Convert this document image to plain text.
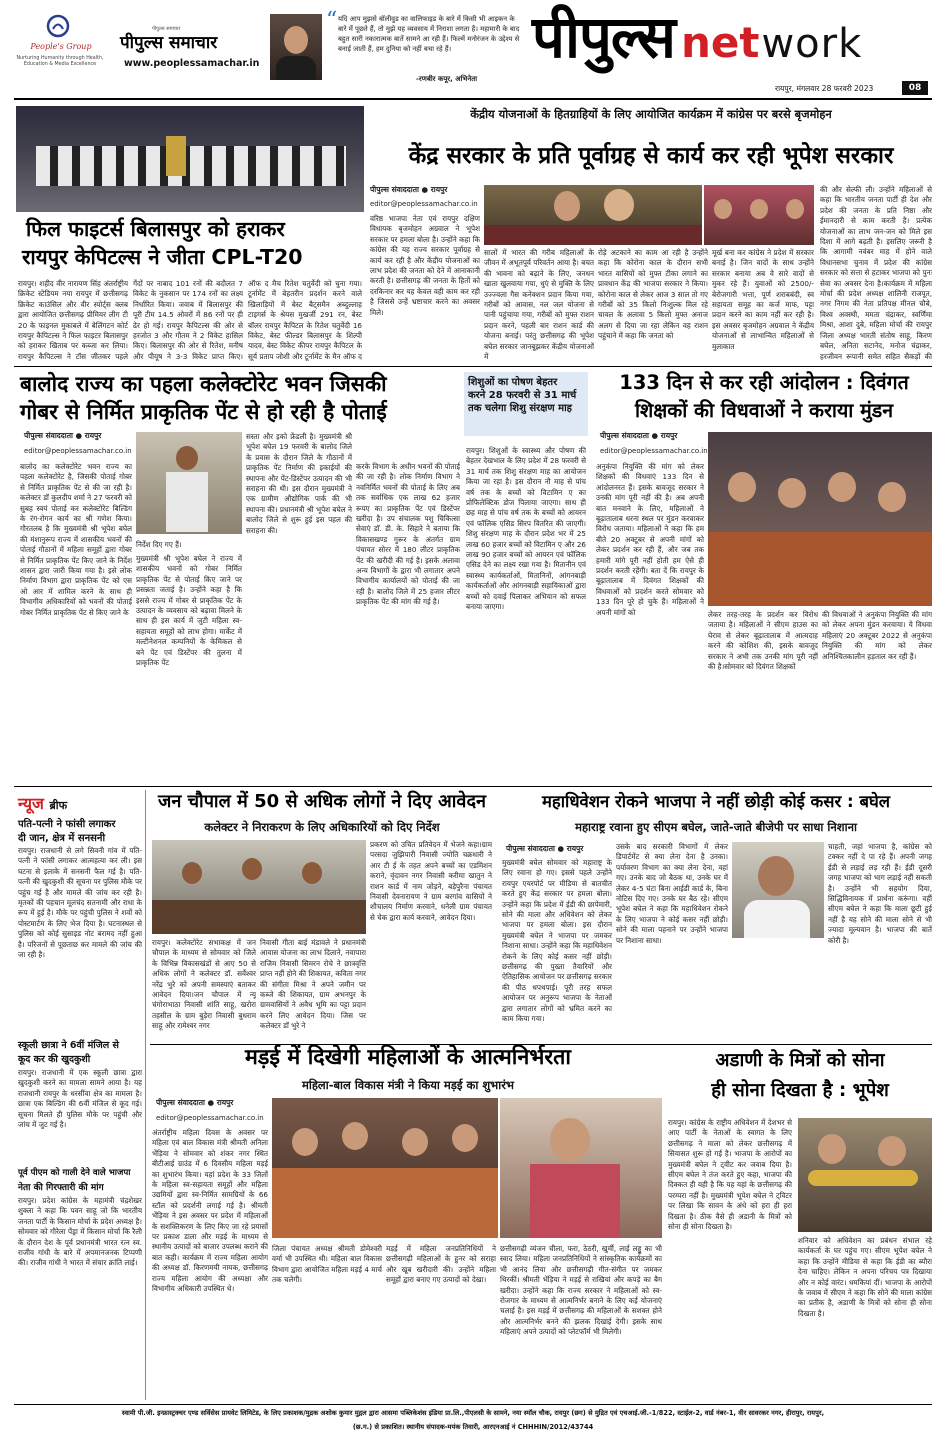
People's Group
Nurturing Humanity through Health, Education & Media Excellence
पीपुल्स समाचार
पीपुल्स समाचार
www.peoplessamachar.in
“ यदि आप मुझसे बॉलीवुड का वालिफाइड के बारे में किसी भी आइकन के बारे में पूछते हैं, तो मुझे यह व्यवसाय में निराशा लगता है। महामारी के बाद बहुत सारी नकारात्मक बातें सामने आ रही हैं। फिल्में मनोरंजन के उद्देश्य से बनाई जाती हैं, हम दुनिया को नहीं बचा रहे हैं।
-रणबीर कपूर, अभिनेता
पीपुल्स network
रायपुर, मंगलवार 28 फरवरी 2023	08
फिल फाइटर्स बिलासपुर को हराकर
रायपुर केपिटल्स ने जीता CPL-T20
रायपुर। शहीद वीर नारायण सिंह अंतर्राष्ट्रीय क्रिकेट स्टेडियम नया रायपुर में छत्तीसगढ़ क्रिकेट काउंसिल और वीर स्पोर्ट्स क्लब द्वारा आयोजित छत्तीसगढ़ प्रीमियर लीग टी 20 के फाइनल मुकाबले में बेलिंगटन कोर्ट रायपुर कैपिटल्स ने फिल फाइटर बिलासपुर को हराकर खिताब पर कब्जा कर लिया।रायपुर कैपिटल्स ने टॉस जीतकर पहले
गेंदों पर नाबाद 101 रनों की बदौलत 7 विकेट के नुकसान पर 174 रनों का लक्ष्य निर्धारित किया। जवाब में बिलासपुर की पूरी टीम 14.5 ओवरों में 86 रनों पर ही ढेर हो गई। रायपुर कैपिटल्स की ओर से हरजोत 3 और गौतम ने 2 विकेट हासिल किए। बिलासपुर की ओर से रितेश, मनीष और पीयूष ने 3-3 विकेट प्राप्त किए।
ऑफ द मैच रितेश चतुर्वेदी को चुना गया। टूर्नामेंट में बेहतरीन प्रदर्शन करने वाले खिलाड़ियों में बेस्ट बैट्समैन अब्दुल्लाह टाइगर्स के श्रेयस मुखर्जी 291 रन, बेस्ट बॉलर रायपुर कैपिटल के रितेश चतुर्वेदी 16 विकेट, बेस्ट फील्डर बिलासपुर के शिल्पी यादव, बेस्ट विकेट कीपर रायपुर कैपिटल के सूर्य प्रताप जोशी और टूर्नामेंट के मैन ऑफ द
केंद्रीय योजनाओं के हितग्राहियों के लिए आयोजित कार्यक्रम में कांग्रेस पर बरसे बृजमोहन
केंद्र सरकार के प्रति पूर्वाग्रह से कार्य कर रही भूपेश सरकार
पीपुल्स संवाददाता ● रायपुर
editor@peoplessamachar.co.in
वरिष्ठ भाजपा नेता एवं रायपुर दक्षिण विधायक बृजमोहन अग्रवाल ने भूपेश सरकार पर हमला बोला है। उन्होंने कहा कि कांग्रेस की यह राज्य सरकार पूर्वाग्रह से कार्य कर रही है और केंद्रीय योजनाओं का लाभ प्रदेश की जनता को देने में आनाकानी करती है। छत्तीसगढ़ की जनता के हितों को दरकिनार कर यह केवल वही काम कर रही है जिससे उन्हें भ्रष्टाचार करने का अवसर मिले।
सालों में भारत की गरीब महिलाओं के जीवन में अभूतपूर्व परिवर्तन आया है। बचत की भावना को बढ़ाने के लिए, जनधन खाता खुलवाया गया, धुएं से मुक्ति के लिए उज्ज्वला गैस कनेक्शन प्रदान किया गया, गरीबों को आवास, नल जल योजना से पानी पहुंचाया गया, गरीबों को मुफ्त राशन प्रदान करने, पहली बार राशन कार्ड की योजना बनाई। परंतु छत्तीसगढ़ की भूपेश बघेल सरकार जानबूझकर केंद्रीय योजनाओं में
रोड़े अटकाने का काम आ रही है उन्होंने कहा कि कोरोना काल के दौरान सभी भारत वासियों को मुफ्त टीका लगाने का प्रावधान केंद्र की भाजपा सरकार ने किया। कोरोना काल से लेकर आज 3 साल तो गए गरीबों को 35 किलो निःशुल्क मिल रहे चावल के अलावा 5 किलो मुफ्त अनाज अलग से दिया जा रहा लेकिन वह राशन पहुंचाने में कहा कि जनता को
मूर्ख बना कर कांग्रेस ने प्रदेश में सरकार बनाई है। जिन वादों के साथ उन्होंने सरकार बनाया अब वे सारे वादों से मुकर रहे हैं। युवाओं को 2500/- बेरोजगारी भत्ता, पूर्ण शराबबंदी, स्व सहायता समूह का कर्ज माफ, पट्टा प्रदान करने का काम नहीं कर रही है। इस अवसर बृजमोहन अग्रवाल ने केंद्रीय योजनाओं से लाभान्वित महिलाओं से मुलाकात
की और सेल्फी ली। उन्होंने महिलाओं से कहा कि भारतीय जनता पार्टी ही देश और प्रदेश की जनता के प्रति निष्ठा और ईमानदारी से काम करती है। प्रत्येक योजनाओं का लाभ जन-जन को मिले इस दिशा में आगे बढ़ती है। इसलिए जरूरी है कि आगामी नवंबर माह में होने वाले विधानसभा चुनाव में प्रदेश की कांग्रेस सरकार को सत्ता से हटाकर भाजपा को पुनः सेवा का अवसर देना है।कार्यक्रम में महिला मोर्चा की प्रदेश अध्यक्ष शालिनी राजपूत, नगर निगम की नेता प्रतिपक्ष मीनल चौबे, विश्व अवस्थी, ममता चंद्राकर, स्वर्णिमा मिश्रा, आशा दुबे, महिला मोर्चा की रायपुर जिला अध्यक्ष भारती संतोष साहू, किरण बघेल, अनिता सटानेद, मनोज चंद्राकर, हरजीवन रूपानी समेत सहित सैकड़ों की
बालोद राज्य का पहला कलेक्टोरेट भवन जिसकी
गोबर से निर्मित प्राकृतिक पेंट से हो रही है पोताई
पीपुल्स संवाददाता ● रायपुर
editor@peoplessamachar.co.in
बालोद का कलेक्टोरेट भवन राज्य का पहला कलेक्टोरेट है, जिसकी पोताई गोबर से निर्मित प्राकृतिक पेंट से की जा रही है। कलेक्टर डॉ कुलदीप शर्मा ने 27 फरवरी को सुबह स्वयं पोताई कर कलेक्टोरेट बिल्डिंग के रंग-रोगन कार्य का श्री गणेश किया। गौरतलब है कि मुख्यमंत्री श्री भूपेश बघेल की मंशानुरूप राज्य में शासकीय भवनों की पोताई गौठानों में महिला समूहों द्वारा गोबर से निर्मित प्राकृतिक पेंट किए जाने के निर्देश शासन द्वारा जारी किया गया है। इसे लोक निर्माण विभाग द्वारा प्राकृतिक पेंट को एस ओ आर में शामिल करने के साथ ही विभागीय अधिकारियों को भवनों की पोताई गोबर निर्मित प्राकृतिक पेंट से किए जाने के
निर्देश दिए गए हैं।
मुख्यमंत्री श्री भूपेश बघेल ने राज्य में शासकीय भवनों को गोबर निर्मित प्राकृतिक पेंट से पोताई किए जाने पर प्रसन्नता जताई है। उन्होंने कहा है कि इससे राज्य में गोबर से प्राकृतिक पेंट के उत्पादन के व्यवसाय को बढ़ावा मिलने के साथ ही इस कार्य में जुटी महिला स्व-सहायता समूहों को लाभ होगा। मार्केट में मल्टीनेशनल कम्पनियों के केमिकल से बने पेंट एवं डिस्टेंपर की तुलना में प्राकृतिक पेंट
सस्ता और इको फ्रेंडली है। मुख्यमंत्री श्री भूपेश बघेल 19 फरवरी के बालोद जिले के प्रवास के दौरान जिले के गौठानों में प्राकृतिक पेंट निर्माण की इकाईयों की स्थापना और पेंट-डिस्टेंपर उत्पादन की भी सराहना की थी। इस दौरान मुख्यमंत्री ने एक ग्रामीण औद्योगिक पार्क की भी स्थापना की। प्रधानमंत्री श्री भूपेश बघेल ने बालोद जिले से शुरू हुई इस पहल की सराहना की।
करके विभाग के अधीन भवनों की पोताई की जा रही है। लोक निर्माण विभाग ने नवनिर्मित भवनों की पोताई के लिए अब तक सर्वाधिक एक लाख 62 हजार रूपए का प्राकृतिक पेंट एवं डिस्टेंपर खरीदा है। उप संचालक पशु चिकित्सा सेवाएं डॉ. डी. के. सिहारे ने बताया कि विकासखण्ड गुरूर के अंतर्गत ग्राम पंचायत सोरर में 180 लीटर प्राकृतिक पेंट की खरीदी की गई है। इसके अलावा अन्य विभागों के द्वारा भी लगातार अपने विभागीय कार्यालयों को पोताई की जा रही है। बालोद जिले में 25 हजार लीटर प्राकृतिक पेंट की मांग की गई है।
शिशुओं का पोषण बेहतर
करने 28 फरवरी से 31 मार्च
तक चलेगा शिशु संरक्षण माह
रायपुर। शिशुओं के स्वास्थ्य और पोषण की बेहतर देखभाल के लिए प्रदेश में 28 फरवरी से 31 मार्च तक शिशु संरक्षण माह का आयोजन किया जा रहा है। इस दौरान नौ माह से पांच वर्ष तक के बच्चों को विटामिन ए का प्रोफिलेक्टिक डोज पिलाया जाएगा। साथ ही छह माह से पांच वर्ष तक के बच्चों को आयरन एवं फॉलिक एसिड सिरप वितरित की जाएगी। शिशु संरक्षण माह के दौरान प्रदेश भर में 25 लाख 60 हजार बच्चों को विटामिन ए और 26 लाख 90 हजार बच्चों को आयरन एवं फॉलिक एसिड देने का लक्ष्य रखा गया है। मितानीन एवं स्वास्थ्य कार्यकर्ताओं, मितानिनों, आंगनबाड़ी कार्यकर्ताओं और आंगनबाड़ी सहायिकाओं द्वारा बच्चों को दवाई पिलाकर अभियान को सफल बनाया जाएगा।
133 दिन से कर रही आंदोलन : दिवंगत
शिक्षकों की विधवाओं ने कराया मुंडन
पीपुल्स संवाददाता ● रायपुर
editor@peoplessamachar.co.in
अनुकंपा नियुक्ति की मांग को लेकर शिक्षकों की विधवाएं 133 दिन से आंदोलनरत हैं। इसके बावजूद सरकार ने उनकी मांग पूरी नहीं की है। अब अपनी बात मनवाने के लिए, महिलाओं ने बूढ़ातालाब धरना स्थल पर मुंडन करवाकर विरोध जताया। महिलाओं ने कहा कि हम बीते 20 अक्टूबर से अपनी मांगों को लेकर प्रदर्शन कर रही हैं, और जब तक हमारी मांगे पूरी नहीं होती हम ऐसे ही प्रदर्शन करती रहेंगी। बता दें कि रायपुर के बूढ़ातालाब में दिवंगत शिक्षकों की विधवाओं को प्रदर्शन करते सोमवार को 133 दिन पूरे हो चुके हैं। महिलाओं ने अपनी मांगों को	लेकर तरह-तरह के प्रदर्शन कर विरोध जताया है। महिलाओं ने सीएम हाउस का घेराव से लेकर बूढ़ातालाब में आत्मदाह करने की कोशिश की, इसके बावजूद सरकार ने अभी तक उनकी मांग पूरी नहीं की है।सोमवार को दिवंगत शिक्षकों
की विधवाओं ने अनुकंपा नियुक्ति की मांग को लेकर अपना मुंडन करवाया। ये विधवा महिलाएं 20 अक्टूबर 2022 से अनुकंपा नियुक्ति की मांग को लेकर अनिश्चितकालीन हड़ताल कर रही हैं।
न्यूज ब्रीफ
पति-पत्नी ने फांसी लगाकर
दी जान, क्षेत्र में सनसनी
रायपुर। राजधानी से लगे सिवनी गांव में पति-पत्नी ने फांसी लगाकर आत्महत्या कर ली। इस घटना से इलाके में सनसनी फैल गई है। पति-पत्नी की खुदकुशी की सूचना पर पुलिस मौके पर पहुंच गई है और मामले की जांच कर रही है। मृतकों की पहचान मूलचंद सतनामी और राधा के रूप में हुई है। मौके पर पहुंची पुलिस ने शवों को पोस्टमार्टम के लिए भेज दिया है। घटनास्थल से पुलिस को कोई सुसाइड नोट बरामद नहीं हुआ है। परिजनों से पूछताछ कर मामले की जांच की जा रही है।
स्कूली छात्रा ने 6वीं मंजिल से
कूद कर की खुदकुशी
रायपुर। राजधानी में एक स्कूली छात्रा द्वारा खुदकुशी करने का मामला सामने आया है। यह राजधानी रायपुर के धरसींवा क्षेत्र का मामला है। छात्रा एक बिल्डिंग की 6वीं मंजिल से कूद गई। सूचना मिलते ही पुलिस मौके पर पहुंची और जांच में जुट गई है।
पूर्व पीएम को गाली देने वाले भाजपा
नेता की गिरफ्तारी की मांग
रायपुर। प्रदेश कांग्रेस के महामंत्री चंद्रशेखर शुक्ला ने कहा कि पवन साहू जो कि भारतीय जनता पार्टी के किसान मोर्चा के प्रदेश अध्यक्ष है। सोमवार को गौरेला पेंड्रा में किसान मोर्चा कि रैली के दौरान देश के पूर्व प्रधानमंत्री भारत रत्न स्व. राजीव गांधी के बारे में अपमानजनक टिप्पणी की। राजीव गांधी ने भारत में संचार क्रांति लाई।
जन चौपाल में 50 से अधिक लोगों ने दिए आवेदन
कलेक्टर ने निराकरण के लिए अधिकारियों को दिए निर्देश
रायपुर। कलेक्टोरेट सभाकक्ष में जन चौपाल के माध्यम से सोमवार को जिले के विभिन्न विकासखंडों से आए 50 से अधिक लोगों ने कलेक्टर डॉ. सर्वेश्वर नरेंद्र भुरे को अपनी समस्याएं बताकर आवेदन दिया।जन चौपाल में न्यू चंगोराभाठा निवासी शांति साहू, खरोरा तहसील के ग्राम बुड़ेरा निवासी बुधराम साहू और रामेश्वर नगर
निवासी गीता बाई मंडावले ने प्रधानमंत्री आवास योजना का लाभ दिलाने, नवापारा राजिम निवासी सिमरन रोचे ने छात्रवृत्ति प्राप्त नहीं होने की शिकायत, कविता नगर की संगीता मिश्रा ने अपने जमीन पर कब्जे की शिकायत, ग्राम अभनपुर के ग्रामवासियों ने अवैध भूमि का पट्टा प्रदान करने लिए आवेदन दिया। जिस पर कलेक्टर डॉ भुरे ने
प्रकरण को उचित प्रतिवेदन में भेजने कहा।ग्राम परसदा जुझिपारी निवासी ज्योति चक्रधारी ने आर टी ई के तहत अपने बच्चों का एडमिशन कराने, वृंदावन नगर निवासी करीमा खातुन ने राशन कार्ड में नाम जोड़ने, बड़ेपुरैना पंचायत निवासी देवनारायण ने ग्राम बरगांव वासियों ने शौचालय निर्माण करवाने, धनेली ग्राम पंचायत से चेक द्वारा कार्य करवाने, आवेदन दिया।
महाधिवेशन रोकने भाजपा ने नहीं छोड़ी कोई कसर : बघेल
महाराष्ट्र रवाना हुए सीएम बघेल, जाते-जाते बीजेपी पर साधा निशाना
पीपुल्स संवाददाता ● रायपुर
मुख्यमंत्री बघेल सोमवार को महाराष्ट्र के लिए रवाना हो गए। इससे पहले उन्होंने रायपुर एयरपोर्ट पर मीडिया से बातचीत करते हुए केंद्र सरकार पर हमला बोला। उन्होंने कहा कि प्रदेश में ईडी की छापेमारी, सोने की माला और अधिवेशन को लेकर भाजपा पर हमला बोला। इस दौरान मुख्यमंत्री बघेल ने भाजपा पर जमकर निशाना साधा। उन्होंने कहा कि महाधिवेशन रोकने के लिए कोई कसर नहीं छोड़ी। छत्तीसगढ़ की पुख्ता तैयारियों और ऐतिहासिक आयोजन पर छत्तीसगढ़ सरकार की पीठ थपथपाई। पूरी तरह सफल आयोजन पर अनुरूप भाजपा के नेताओं द्वारा लगातार लोगों को भ्रमित करने का काम किया गया।
उसके बाद सरकारी विभागों में लेकर डिपार्टमेंट से क्या लेना देना है उनका। पर्यावरण विभाग का क्या लेना देना, वहां गए। उनके बाद जो बैठक था, उनके घर में लेकर 4-5 घंटा बिना आईडी कार्ड के, बिना नोटिस दिए गए। उनके घर बैठ रहे। सीएम भूपेश बघेल ने कहा कि महाधिवेशन रोकने के लिए भाजपा ने कोई कसर नहीं छोड़ी। सोने की माला पहनाने पर उन्होंने भाजपा पर निशाना साधा।
चाहती, जहां भाजपा है, कांग्रेस को टक्कर नहीं दे पा रहे हैं। अपनी जगह ईडी से लड़ाई लड़ रही हैं। ईडी दूसरी जगह भाजपा को भाग लड़ाई नहीं सकती है। उन्होंने भी सहयोग दिया, सिद्धिविनायक में प्रार्थना करूंगा। वहीं सीएम बघेल ने कहा कि माला छूटी हुई नहीं है यह सोने की माला सोने से भी ज्यादा मूल्यवान है। भाजपा की बातें कोरी है।
मड़ई में दिखेगी महिलाओं के आत्मनिर्भरता
महिला-बाल विकास मंत्री ने किया मड़ई का शुभारंभ
पीपुल्स संवाददाता ● रायपुर
editor@peoplessamachar.co.in
अंतर्राष्ट्रीय महिला दिवस के अवसर पर महिला एवं बाल विकास मंत्री श्रीमती अनिला भेंड़िया ने सोमवार को शंकर नगर स्थित बीटीआई ग्राउंड में 6 दिवसीय महिला मड़ई का शुभारंभ किया। यहां प्रदेश के 33 जिलों के महिला स्व-सहायता समूहों और महिला उद्यमियों द्वारा स्व-निर्मित सामग्रियों के 66 स्टॉल को प्रदर्शनी लगाई गई है। श्रीमती भेंड़िया ने इस अवसर पर प्रदेश में महिलाओं के सशक्तिकरण के लिए किए जा रहे प्रयासों पर प्रकाश डाला और मड़ई के माध्यम से स्थानीय उत्पादों को बाजार उपलब्ध कराने की बात कही। कार्यक्रम में राज्य महिला आयोग की अध्यक्ष डॉ. किरणमयी नायक, छत्तीसगढ़ राज्य महिला आयोग की अध्यक्षा और विभागीय अधिकारी उपस्थित थे।
जिला पंचायत अध्यक्ष श्रीमती डोमेश्वरी वर्मा भी उपस्थित थी। महिला बाल विकास विभाग द्वारा आयोजित महिला मड़ई 4 मार्च तक चलेगी।
मड़ई में महिला जनप्रतिनिधियों ने छत्तीसगढ़ी महिलाओं के हुनर को सराहा और खूब खरीदारी की। उन्होंने महिला समूहों द्वारा बनाए गए उत्पादों को देखा।
छत्तीसगढ़ी व्यंजन चीला, फरा, ठेठरी, खुर्मी, लाई लड्डू का भी स्वाद लिया। महिला जनप्रतिनिधियों ने सांस्कृतिक कार्यक्रमों का भी आनंद लिया और छत्तीसगढ़ी गीत-संगीत पर जमकर थिरकीं। श्रीमती भेंड़िया ने मड़ई से राखियां और कपड़े का बैग खरीदा। उन्होंने कहा कि राज्य सरकार ने महिलाओं को स्व-रोजगार के माध्यम से आत्मनिर्भर बनाने के लिए कई योजनाएं चलाई है। इस मड़ई में छत्तीसगढ़ की महिलाओं के सशक्त होने और आत्मनिर्भर बनने की झलक दिखाई देगी। इसके साथ महिलाएं अपने उत्पादों को प्लेटफॉर्म भी मिलेगी।
अडाणी के मित्रों को सोना
ही सोना दिखता है : भूपेश
रायपुर। कांग्रेस के राष्ट्रीय अधिवेशन में देशभर से आए पार्टी के नेताओं के स्वागत के लिए छत्तीसगढ़ ने माला को लेकर छत्तीसगढ़ में सियासत शुरू हो गई है। भाजपा के आरोपों का मुख्यमंत्री बघेल ने ट्वीट कर जवाब दिया है। सीएम बघेल ने तंज करते हुए कहा, भाजपा की दिक्कत ही यही है कि यह यहां के छत्तीसगढ़ की परम्परा नहीं है। मुख्यमंत्री भूपेश बघेल ने ट्विटर पर लिखा कि सावन के अंधे को हरा ही हरा दिखता है। ठीक वैसे ही अडानी के मित्रों को सोना ही सोना दिखता है।
शनिवार को अधिवेशन का प्रबंधन संभाल रहे कार्यकर्ता के घर पहुंच गए। सीएम भूपेश बघेल ने कहा कि उन्होंने मीडिया से कहा कि ईडी का ब्यौरा देना चाहिए। लेकिन न अपना परिचय पत्र दिखाया और न कोई वारंट। धमकियां दीं। भाजपा के आरोपों के जवाब में सीएम ने कहा कि सोने की माला कांग्रेस का प्रतीक है, अडाणी के मित्रों को सोना ही सोना दिखता है।
स्वामी पी.जी. इन्फ्रास्ट्रक्चर एण्ड सर्विसेस प्रायवेट लिमिटेड, के लिए प्रकाशक/मुद्रक अशोक कुमार मुद्गल द्वारा आसमा पब्लिकेशंस इंडिया प्रा.लि.,पीएलसी के सामने, नया स्मॉल चौक, रायपुर (छग) से मुद्रित एवं एचआई.जी.-1/822, स्टाईल-2, वार्ड नंबर-1, वीर सावरकर नगर, हीरापुर, रायपुर,
(छ.ग.) से प्रकाशित। स्थानीय संपादक-मयंक तिवारी, आरएनआई नं CHHHIN/2012/43744
